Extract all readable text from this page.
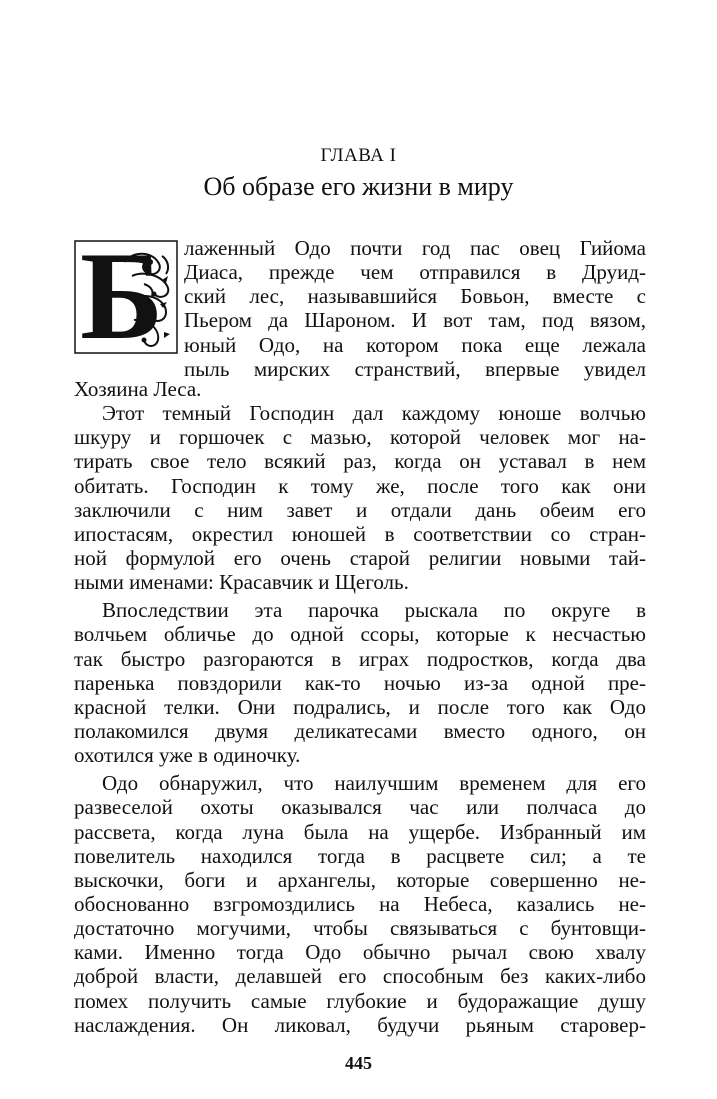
ГЛАВА I
Об образе его жизни в миру
Б лаженный Одо почти год пас овец Гийома
Диаса, прежде чем отправился в Друид-
ский лес, называвшийся Бовьон, вместе с
Пьером да Шароном. И вот там, под вязом,
юный Одо, на котором пока еще лежала
пыль мирских странствий, впервые увидел
Хозяина Леса.
Этот темный Господин дал каждому юноше волчью
шкуру и горшочек с мазью, которой человек мог на-
тирать свое тело всякий раз, когда он уставал в нем
обитать. Господин к тому же, после того как они
заключили с ним завет и отдали дань обеим его
ипостасям, окрестил юношей в соответствии со стран-
ной формулой его очень старой религии новыми тай-
ными именами: Красавчик и Щеголь.
Впоследствии эта парочка рыскала по округе в
волчьем обличье до одной ссоры, которые к несчастью
так быстро разгораются в играх подростков, когда два
паренька повздорили как-то ночью из-за одной пре-
красной телки. Они подрались, и после того как Одо
полакомился двумя деликатесами вместо одного, он
охотился уже в одиночку.
Одо обнаружил, что наилучшим временем для его
развеселой охоты оказывался час или полчаса до
рассвета, когда луна была на ущербе. Избранный им
повелитель находился тогда в расцвете сил; а те
выскочки, боги и архангелы, которые совершенно не-
обоснованно взгромоздились на Небеса, казались не-
достаточно могучими, чтобы связываться с бунтовщи-
ками. Именно тогда Одо обычно рычал свою хвалу
доброй власти, делавшей его способным без каких-либо
помех получить самые глубокие и будоражащие душу
наслаждения. Он ликовал, будучи рьяным старовер-
445
